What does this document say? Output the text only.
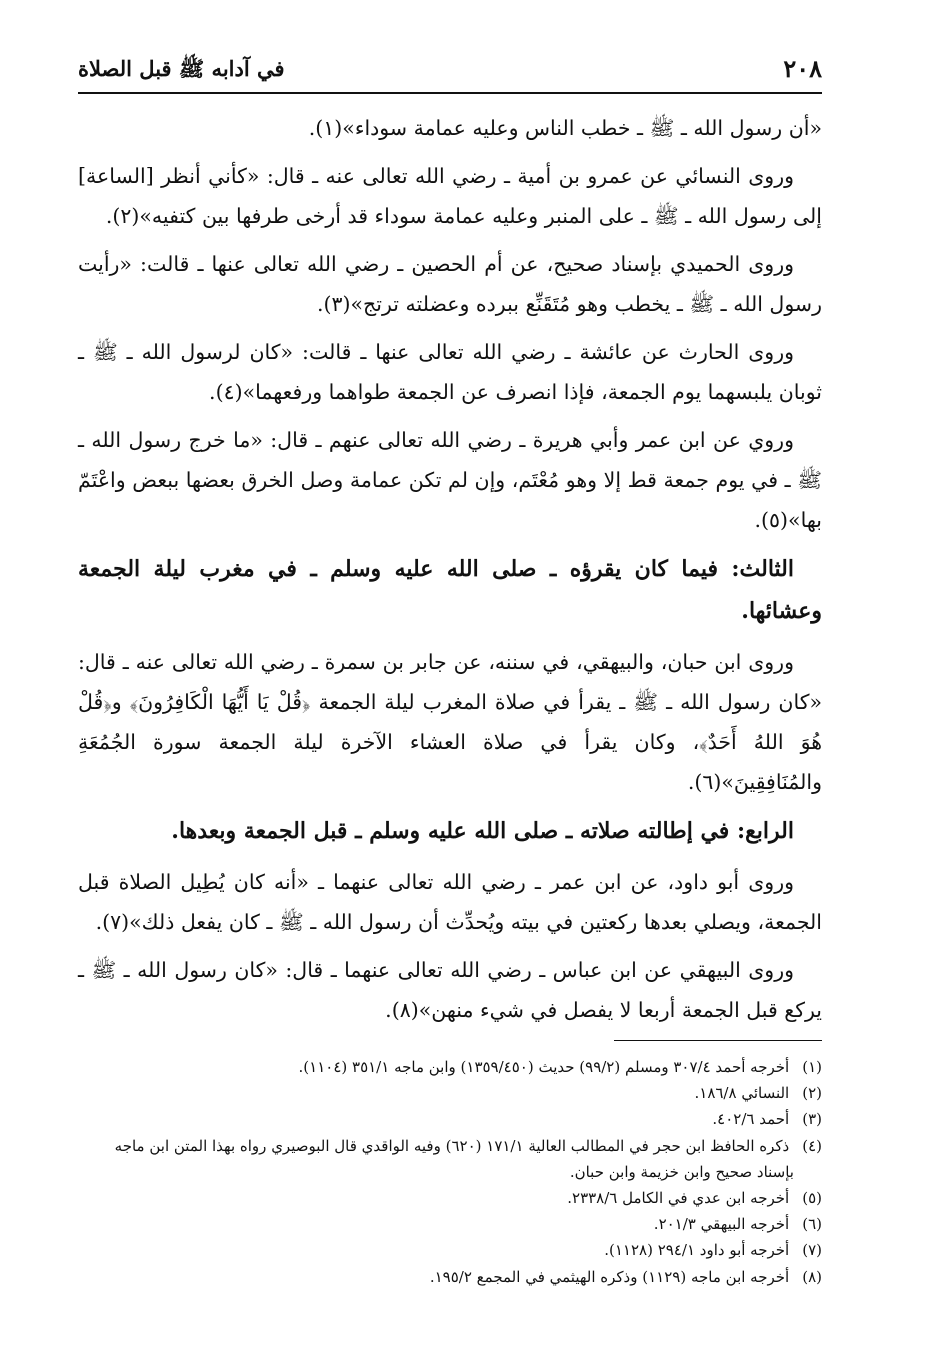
٢٠٨
في آدابه ﷺ قبل الصلاة

«أن رسول الله ـ ﷺ ـ خطب الناس وعليه عمامة سوداء»(١).

وروى النسائي عن عمرو بن أمية ـ رضي الله تعالى عنه ـ قال: «كأني أنظر [الساعة] إلى رسول الله ـ ﷺ ـ على المنبر وعليه عمامة سوداء قد أرخى طرفها بين كتفيه»(٢).

وروى الحميدي بإسناد صحيح، عن أم الحصين ـ رضي الله تعالى عنها ـ قالت: «رأيت رسول الله ـ ﷺ ـ يخطب وهو مُتَقَنِّع ببرده وعضلته ترتج»(٣).

وروى الحارث عن عائشة ـ رضي الله تعالى عنها ـ قالت: «كان لرسول الله ـ ﷺ ـ ثوبان يلبسهما يوم الجمعة، فإذا انصرف عن الجمعة طواهما ورفعهما»(٤).

وروي عن ابن عمر وأبي هريرة ـ رضي الله تعالى عنهم ـ قال: «ما خرج رسول الله ـ ﷺ ـ في يوم جمعة قط إلا وهو مُعْتَم، وإن لم تكن عمامة وصل الخرق بعضها ببعض واعْتَمّ بها»(٥).

الثالث: فيما كان يقرؤه ـ صلى الله عليه وسلم ـ في مغرب ليلة الجمعة وعشائها.

وروى ابن حبان، والبيهقي، في سننه، عن جابر بن سمرة ـ رضي الله تعالى عنه ـ قال: «كان رسول الله ـ ﷺ ـ يقرأ في صلاة المغرب ليلة الجمعة ﴿قُلْ يَا أَيُّهَا الْكَافِرُونَ﴾ و﴿قُلْ هُوَ اللهُ أَحَدٌ﴾، وكان يقرأ في صلاة العشاء الآخرة ليلة الجمعة سورة الجُمُعَةِ والمُنَافِقِينَ»(٦).

الرابع: في إطالته صلاته ـ صلى الله عليه وسلم ـ قبل الجمعة وبعدها.

وروى أبو داود، عن ابن عمر ـ رضي الله تعالى عنهما ـ «أنه كان يُطِيل الصلاة قبل الجمعة، ويصلي بعدها ركعتين في بيته ويُحدِّث أن رسول الله ـ ﷺ ـ كان يفعل ذلك»(٧).

وروى البيهقي عن ابن عباس ـ رضي الله تعالى عنهما ـ قال: «كان رسول الله ـ ﷺ ـ يركع قبل الجمعة أربعا لا يفصل في شيء منهن»(٨).

(١) أخرجه أحمد ٣٠٧/٤ ومسلم (٩٩/٢) حديث (١٣٥٩/٤٥٠) وابن ماجه ٣٥١/١ (١١٠٤).

(٢) النسائي ١٨٦/٨.

(٣) أحمد ٤٠٢/٦.

(٤) ذكره الحافظ ابن حجر في المطالب العالية ١٧١/١ (٦٢٠) وفيه الواقدي قال البوصيري رواه بهذا المتن ابن ماجه

بإسناد صحيح وابن خزيمة وابن حبان.

(٥) أخرجه ابن عدي في الكامل ٢٣٣٨/٦.

(٦) أخرجه البيهقي ٢٠١/٣.

(٧) أخرجه أبو داود ٢٩٤/١ (١١٢٨).

(٨) أخرجه ابن ماجه (١١٢٩) وذكره الهيثمي في المجمع ١٩٥/٢.
